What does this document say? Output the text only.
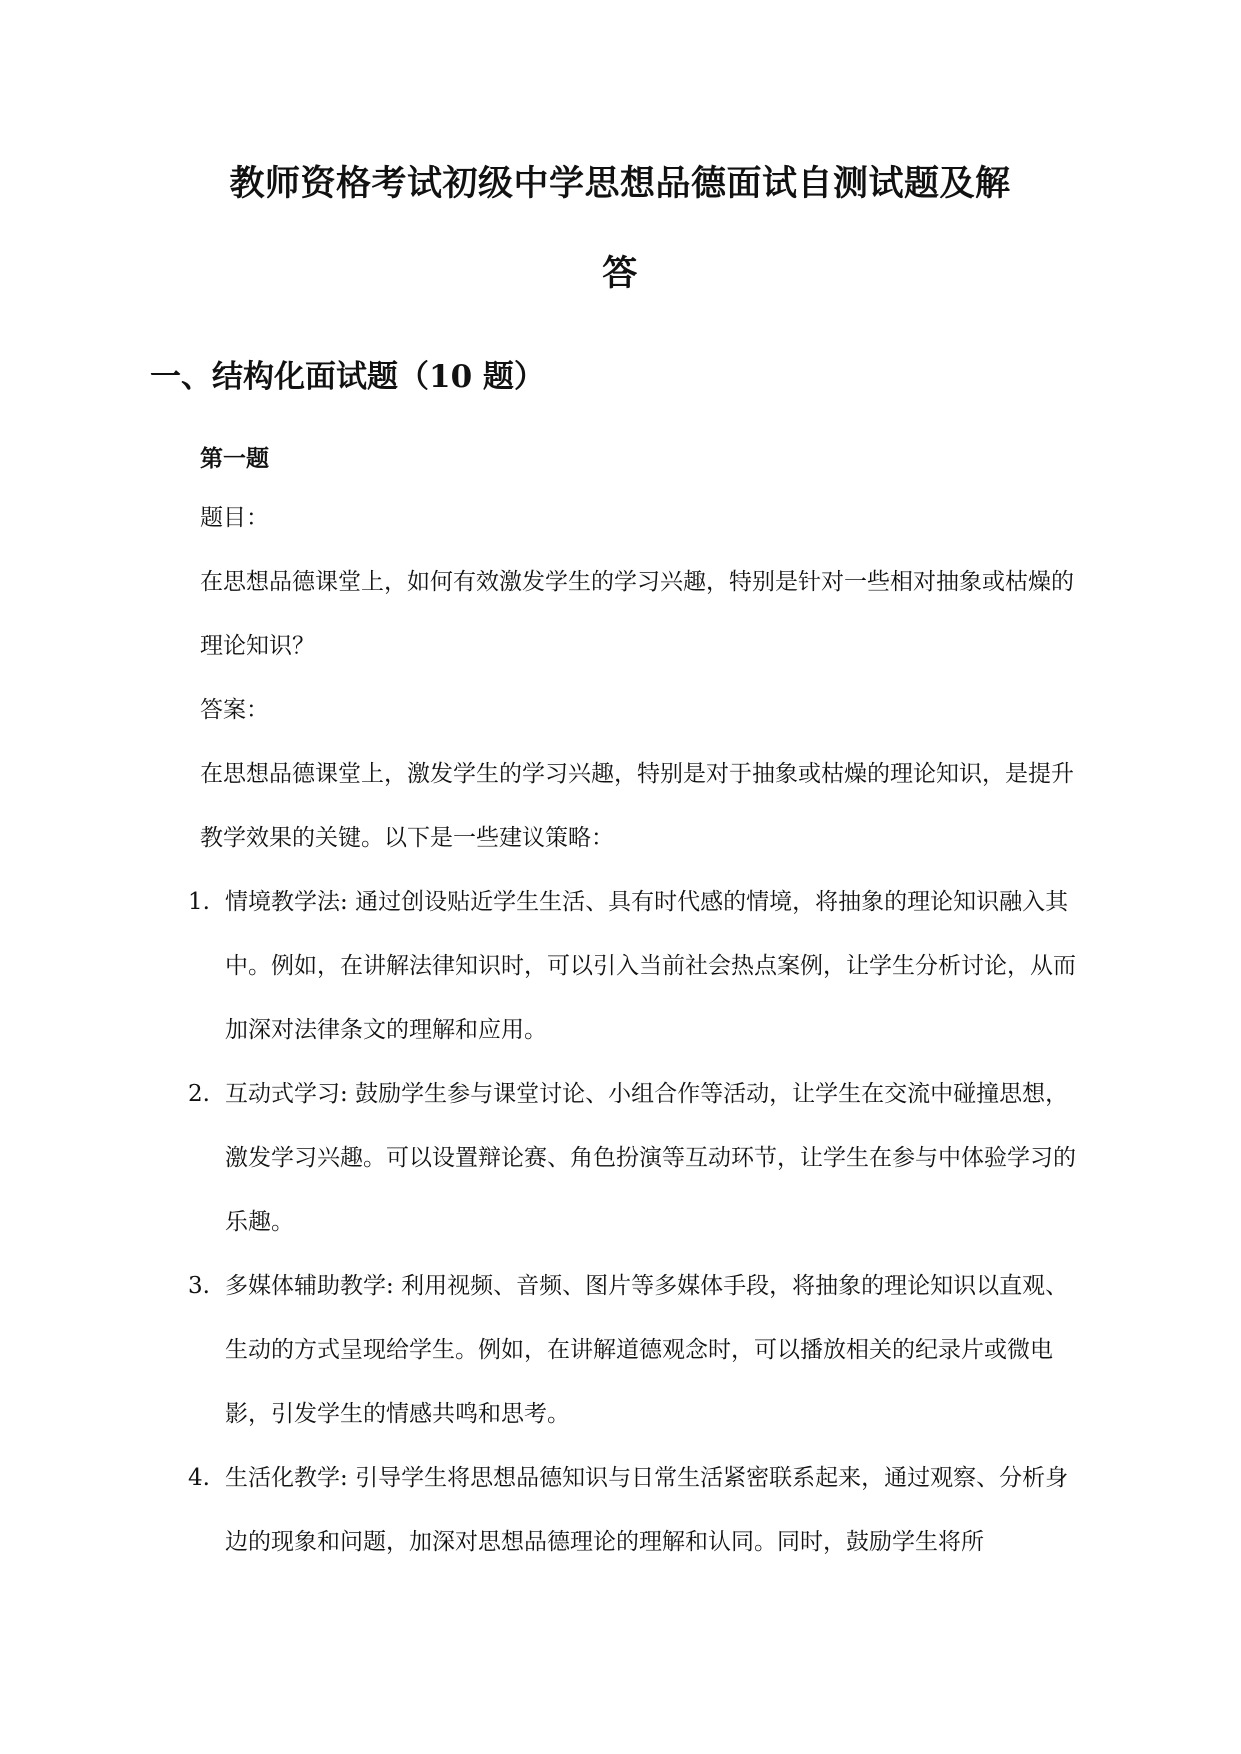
教师资格考试初级中学思想品德面试自测试题及解
答
一、结构化面试题（10 题）
第一题

题目：

在思想品德课堂上，如何有效激发学生的学习兴趣，特别是针对一些相对抽象或枯燥的理论知识？

答案：

在思想品德课堂上，激发学生的学习兴趣，特别是对于抽象或枯燥的理论知识，是提升教学效果的关键。以下是一些建议策略：

1. 情境教学法: 通过创设贴近学生生活、具有时代感的情境，将抽象的理论知识融入其中。例如，在讲解法律知识时，可以引入当前社会热点案例，让学生分析讨论，从而加深对法律条文的理解和应用。
2. 互动式学习: 鼓励学生参与课堂讨论、小组合作等活动，让学生在交流中碰撞思想，激发学习兴趣。可以设置辩论赛、角色扮演等互动环节，让学生在参与中体验学习的乐趣。
3. 多媒体辅助教学: 利用视频、音频、图片等多媒体手段，将抽象的理论知识以直观、生动的方式呈现给学生。例如，在讲解道德观念时，可以播放相关的纪录片或微电影，引发学生的情感共鸣和思考。
4. 生活化教学: 引导学生将思想品德知识与日常生活紧密联系起来，通过观察、分析身边的现象和问题，加深对思想品德理论的理解和认同。同时，鼓励学生将所
